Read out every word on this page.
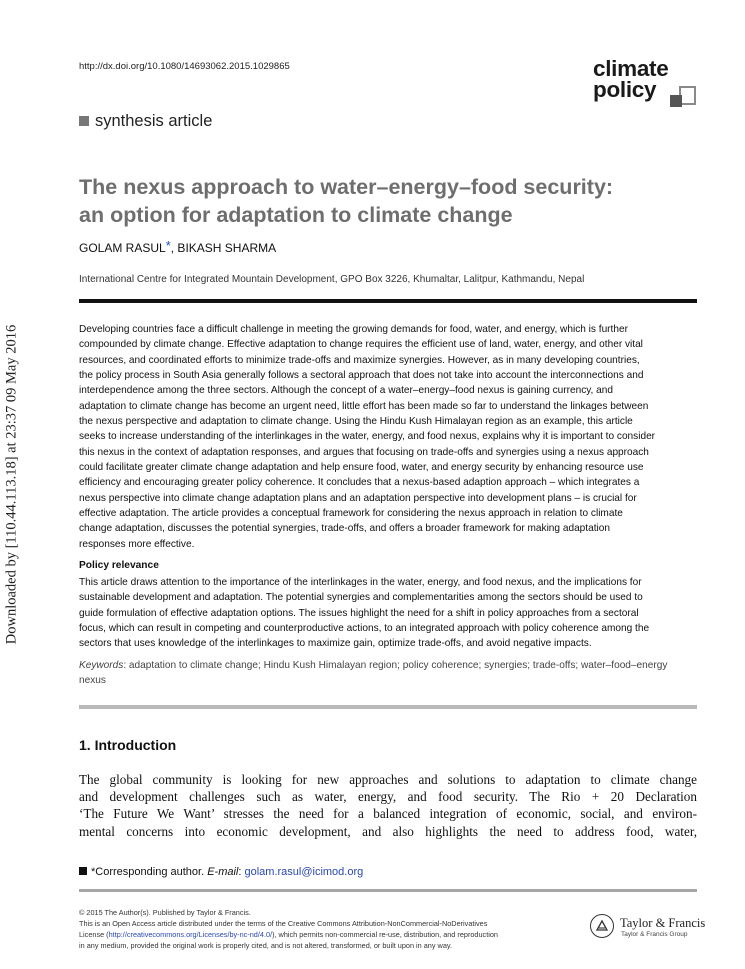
Downloaded by [110.44.113.18] at 23:37 09 May 2016
http://dx.doi.org/10.1080/14693062.2015.1029865	climate
policy
synthesis article
The nexus approach to water–energy–food security:
an option for adaptation to climate change
GOLAM RASUL*, BIKASH SHARMA
International Centre for Integrated Mountain Development, GPO Box 3226, Khumaltar, Lalitpur, Kathmandu, Nepal
Developing countries face a difficult challenge in meeting the growing demands for food, water, and energy, which is further
compounded by climate change. Effective adaptation to change requires the efficient use of land, water, energy, and other vital
resources, and coordinated efforts to minimize trade-offs and maximize synergies. However, as in many developing countries,
the policy process in South Asia generally follows a sectoral approach that does not take into account the interconnections and
interdependence among the three sectors. Although the concept of a water–energy–food nexus is gaining currency, and
adaptation to climate change has become an urgent need, little effort has been made so far to understand the linkages between
the nexus perspective and adaptation to climate change. Using the Hindu Kush Himalayan region as an example, this article
seeks to increase understanding of the interlinkages in the water, energy, and food nexus, explains why it is important to consider
this nexus in the context of adaptation responses, and argues that focusing on trade-offs and synergies using a nexus approach
could facilitate greater climate change adaptation and help ensure food, water, and energy security by enhancing resource use
efficiency and encouraging greater policy coherence. It concludes that a nexus-based adaption approach – which integrates a
nexus perspective into climate change adaptation plans and an adaptation perspective into development plans – is crucial for
effective adaptation. The article provides a conceptual framework for considering the nexus approach in relation to climate
change adaptation, discusses the potential synergies, trade-offs, and offers a broader framework for making adaptation
responses more effective.
Policy relevance
This article draws attention to the importance of the interlinkages in the water, energy, and food nexus, and the implications for
sustainable development and adaptation. The potential synergies and complementarities among the sectors should be used to
guide formulation of effective adaptation options. The issues highlight the need for a shift in policy approaches from a sectoral
focus, which can result in competing and counterproductive actions, to an integrated approach with policy coherence among the
sectors that uses knowledge of the interlinkages to maximize gain, optimize trade-offs, and avoid negative impacts.
Keywords: adaptation to climate change; Hindu Kush Himalayan region; policy coherence; synergies; trade-offs; water–food–energy nexus
1. Introduction
The global community is looking for new approaches and solutions to adaptation to climate change
and development challenges such as water, energy, and food security. The Rio + 20 Declaration
‘The Future We Want’ stresses the need for a balanced integration of economic, social, and environ-
mental concerns into economic development, and also highlights the need to address food, water,
*Corresponding author. E-mail: golam.rasul@icimod.org
© 2015 The Author(s). Published by Taylor & Francis.
This is an Open Access article distributed under the terms of the Creative Commons Attribution-NonCommercial-NoDerivatives
License (http://creativecommons.org/Licenses/by-nc-nd/4.0/), which permits non-commercial re-use, distribution, and reproduction
in any medium, provided the original work is properly cited, and is not altered, transformed, or built upon in any way.
Taylor & Francis
Taylor & Francis Group
